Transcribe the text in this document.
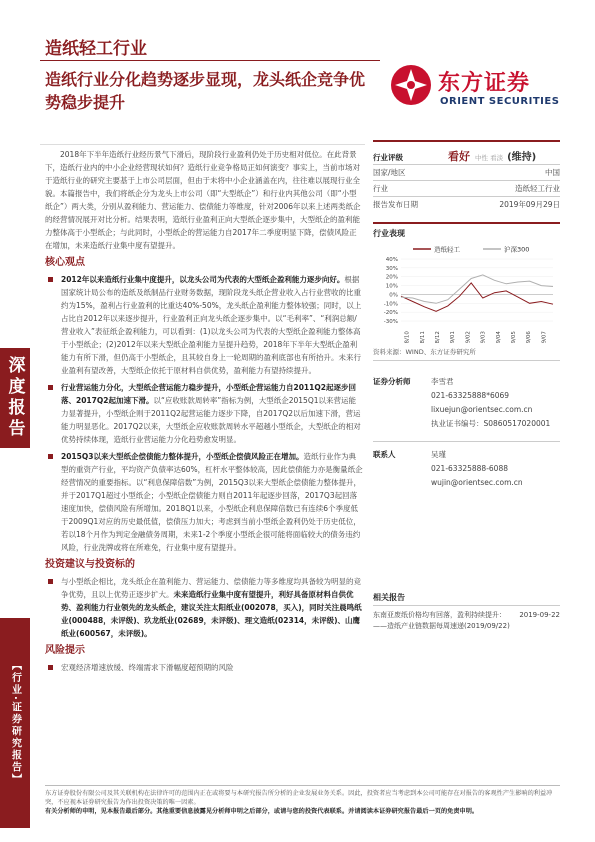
深度报告
【行业·证券研究报告】
造纸轻工行业
造纸行业分化趋势逐步显现，龙头纸企竞争优势稳步提升
东方证券
ORIENT SECURITIES

2018年下半年造纸行业经历景气下滑后，现阶段行业盈利仍处于历史相对低位。在此背景下，造纸行业内的中小企业经营现状如何？造纸行业竞争格局正如何演变？事实上，当前市场对于造纸行业的研究主要基于上市公司层面，但由于未将中小企业涵盖在内，往往难以展现行业全貌。本篇报告中，我们将纸企分为龙头上市公司（即“大型纸企”）和行业内其他公司（即“小型纸企”）两大类，分别从盈利能力、营运能力、偿债能力等维度，针对2006年以来上述两类纸企的经营情况展开对比分析。结果表明，造纸行业盈利正向大型纸企逐步集中，大型纸企的盈利能力整体高于小型纸企；与此同时，小型纸企的营运能力自2017年二季度明显下降，偿债风险正在增加，未来造纸行业集中度有望提升。

核心观点
2012年以来造纸行业集中度提升，以龙头公司为代表的大型纸企盈利能力逐步向好。根据国家统计局公布的造纸及纸制品行业财务数据，现阶段龙头纸企营业收入占行业营收的比重约为15%，盈利占行业盈利的比重达40%-50%，龙头纸企盈利能力整体较强；同时，以上占比自2012年以来逐步提升，行业盈利正向龙头纸企逐步集中。以“毛利率”、“利润总额/营业收入”表征纸企盈利能力，可以看到：(1)以龙头公司为代表的大型纸企盈利能力整体高于小型纸企；(2)2012年以来大型纸企盈利能力呈提升趋势，2018年下半年大型纸企盈利能力有所下滑，但仍高于小型纸企，且其较自身上一轮周期的盈利底部也有所抬升。未来行业盈利有望改善，大型纸企依托于原材料自供优势，盈利能力有望持续提升。
行业营运能力分化，大型纸企营运能力稳步提升，小型纸企营运能力自2011Q2起逐步回落、2017Q2起加速下滑。以“应收账款周转率”指标为例，大型纸企2015Q1以来营运能力显著提升，小型纸企则于2011Q2起营运能力逐步下降，自2017Q2以后加速下滑，营运能力明显恶化。2017Q2以来，大型纸企应收账款周转水平超越小型纸企，大型纸企的相对优势持续体现，造纸行业营运能力分化趋势愈发明显。
2015Q3以来大型纸企偿债能力整体提升，小型纸企偿债风险正在增加。造纸行业作为典型的重资产行业，平均资产负债率达60%，杠杆水平整体较高，因此偿债能力亦是衡量纸企经营情况的重要指标。以“利息保障倍数”为例，2015Q3以来大型纸企偿债能力整体提升，并于2017Q1超过小型纸企；小型纸企偿债能力则自2011年起逐步回落，2017Q3起回落速度加快，偿债风险有所增加。2018Q1以来，小型纸企利息保障倍数已有连续6个季度低于2009Q1对应的历史最低值，偿债压力加大；考虑到当前小型纸企盈利仍处于历史低位，若以18个月作为判定金融债务周期，未来1-2个季度小型纸企很可能将面临较大的债务违约风险，行业洗牌或将在所难免，行业集中度有望提升。
投资建议与投资标的
与小型纸企相比，龙头纸企在盈利能力、营运能力、偿债能力等多维度均具备较为明显的竞争优势，且以上优势正逐步扩大。未来造纸行业集中度有望提升，利好具备原材料自供优势、盈利能力行业领先的龙头纸企，建议关注太阳纸业(002078，买入)，同时关注晨鸣纸业(000488，未评级)、玖龙纸业(02689，未评级)、理文造纸(02314，未评级)、山鹰纸业(600567，未评级)。
风险提示
宏观经济增速放缓、终端需求下滑幅度超预期的风险
行业评级	看好 中性 看淡 (维持)
国家/地区	中国
行业	造纸轻工行业
报告发布日期	2019年09月29日
行业表现
造纸轻工	沪深300
40%
30%
20%
10%
0%
-10%
-20%
-30%
18/10 18/11 18/12 19/01 19/02 19/03 19/04 19/05 19/06 19/07
资料来源：WIND、东方证券研究所
证券分析师	李雪君
021-63325888*6069
lixuejun@orientsec.com.cn
执业证书编号：S0860517020001
联系人	吴瑾
021-63325888-6088
wujin@orientsec.com.cn
相关报告
东南亚废纸价格均有回落，盈利持续提升： 2019-09-22
——造纸产业链数据每周速递(2019/09/22)
东方证券股份有限公司及其关联机构在法律许可的范围内正在或将要与本研究报告所分析的企业发展业务关系。因此，投资者应当考虑到本公司可能存在对报告的客观性产生影响的利益冲突，不应视本证券研究报告为作出投资决策的唯一因素。
有关分析师的申明，见本报告最后部分。其他重要信息披露见分析师申明之后部分，或请与您的投资代表联系。并请阅读本证券研究报告最后一页的免责申明。
